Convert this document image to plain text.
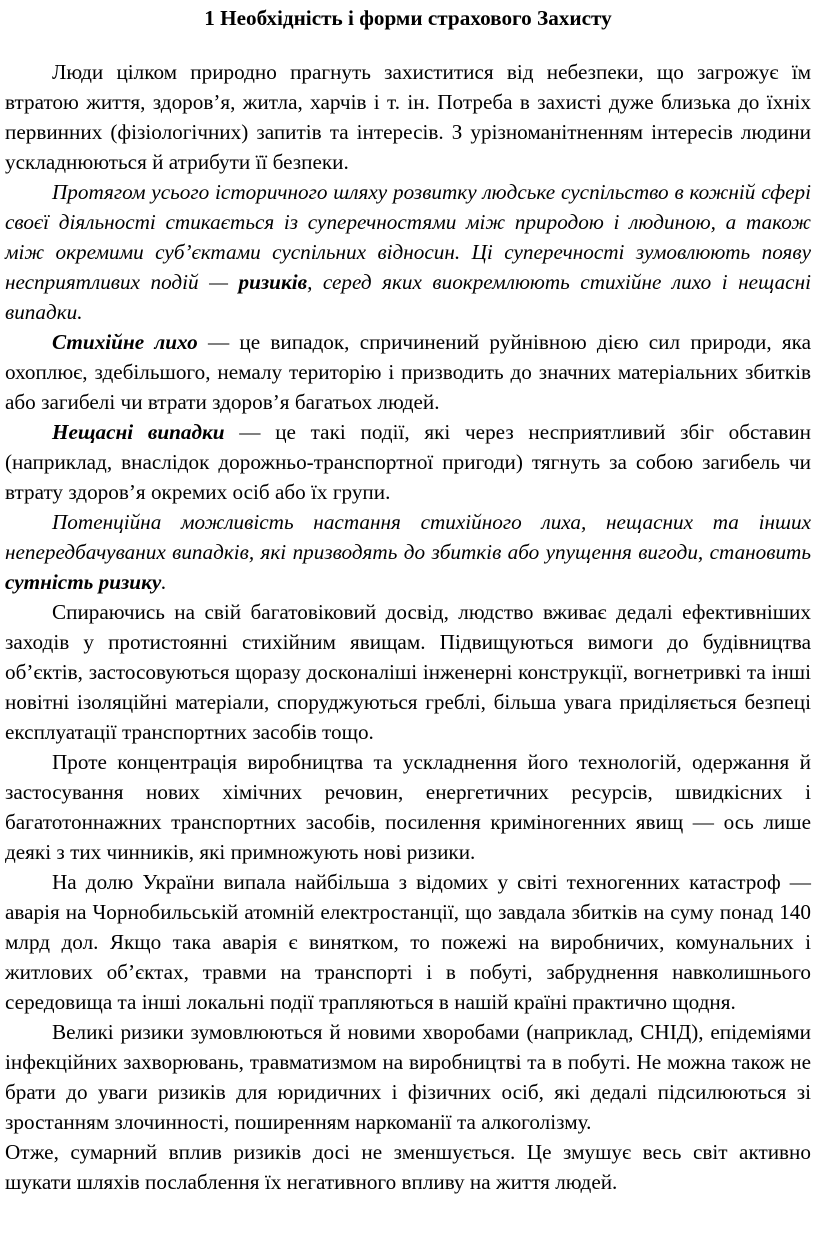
1 Необхідність і форми страхового Захисту

Люди цілком природно прагнуть захиститися від небезпеки, що загрожує їм втратою життя, здоров’я, житла, харчів і т. ін. Потреба в захисті дуже близька до їхніх первинних (фізіологічних) запитів та інтересів. З урізноманітненням інтересів людини ускладнюються й атрибути її безпеки.

Протягом усього історичного шляху розвитку людське суспільство в кожній сфері своєї діяльності стикається із суперечностями між природою і людиною, а також між окремими суб’єктами суспільних відносин. Ці суперечності зумовлюють появу несприятливих подій — ризиків, серед яких виокремлюють стихійне лихо і нещасні випадки.

Стихійне лихо — це випадок, спричинений руйнівною дією сил природи, яка охоплює, здебільшого, немалу територію і призводить до значних матеріальних збитків або загибелі чи втрати здоров’я багатьох людей.

Нещасні випадки — це такі події, які через несприятливий збіг обставин (наприклад, внаслідок дорожньо-транспортної пригоди) тягнуть за собою загибель чи втрату здоров’я окремих осіб або їх групи.

Потенційна можливість настання стихійного лиха, нещасних та інших непередбачуваних випадків, які призводять до збитків або упущення вигоди, становить сутність ризику.

Спираючись на свій багатовіковий досвід, людство вживає дедалі ефективніших заходів у протистоянні стихійним явищам. Підвищуються вимоги до будівництва об’єктів, застосовуються щоразу досконаліші інженерні конструкції, вогнетривкі та інші новітні ізоляційні матеріали, споруджуються греблі, більша увага приділяється безпеці експлуатації транспортних засобів тощо.

Проте концентрація виробництва та ускладнення його технологій, одержання й застосування нових хімічних речовин, енергетичних ресурсів, швидкісних і багатотоннажних транспортних засобів, посилення криміногенних явищ — ось лише деякі з тих чинників, які примножують нові ризики.

На долю України випала найбільша з відомих у світі техногенних катастроф — аварія на Чорнобильській атомній електростанції, що завдала збитків на суму понад 140 млрд дол. Якщо така аварія є винятком, то пожежі на виробничих, комунальних і житлових об’єктах, травми на транспорті і в побуті, забруднення навколишнього середовища та інші локальні події трапляються в нашій країні практично щодня.

Великі ризики зумовлюються й новими хворобами (наприклад, СНІД), епідеміями інфекційних захворювань, травматизмом на виробництві та в побуті. Не можна також не брати до уваги ризиків для юридичних і фізичних осіб, які дедалі підсилюються зі зростанням злочинності, поширенням наркоманії та алкоголізму.

Отже, сумарний вплив ризиків досі не зменшується. Це змушує весь світ активно шукати шляхів послаблення їх негативного впливу на життя людей.
